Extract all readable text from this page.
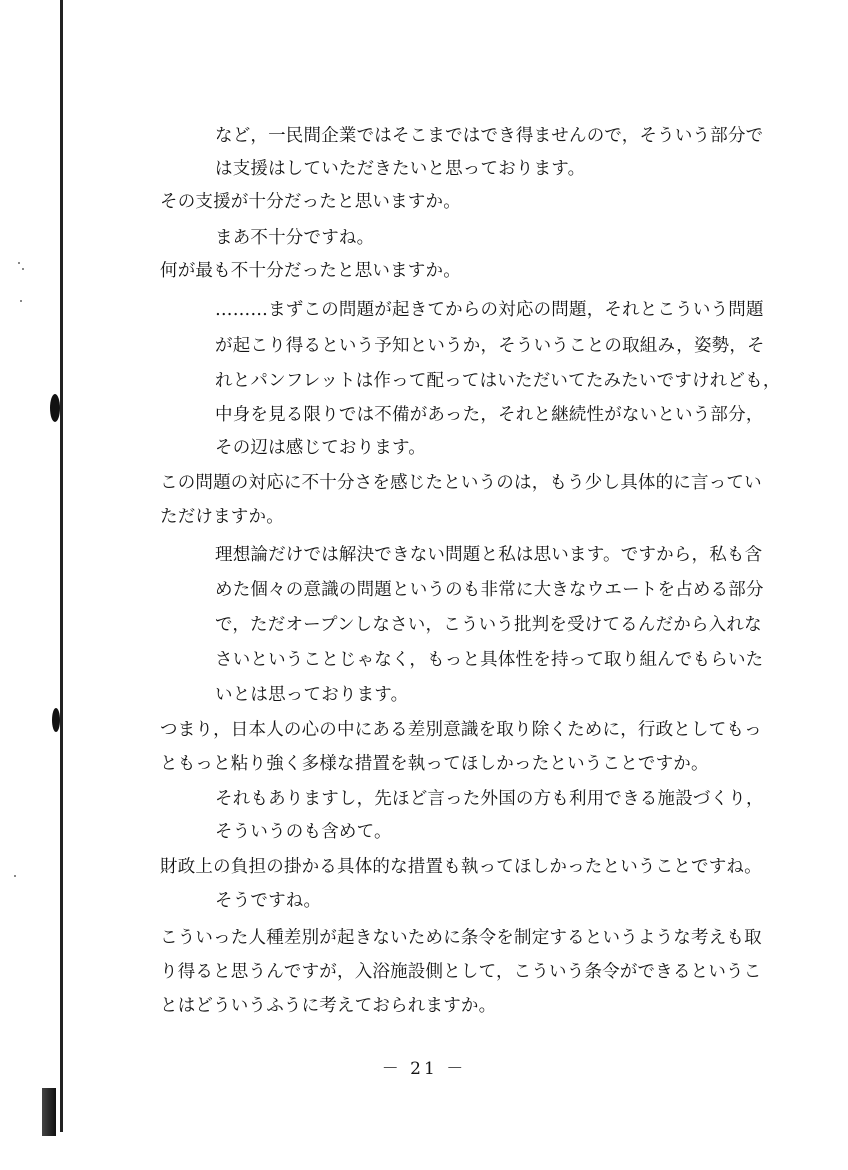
など，一民間企業ではそこまではでき得ませんので，そういう部分で
は支援はしていただきたいと思っております。
その支援が十分だったと思いますか。
まあ不十分ですね。
何が最も不十分だったと思いますか。
………まずこの問題が起きてからの対応の問題，それとこういう問題
が起こり得るという予知というか，そういうことの取組み，姿勢，そ
れとパンフレットは作って配ってはいただいてたみたいですけれども，
中身を見る限りでは不備があった，それと継続性がないという部分，
その辺は感じております。
この問題の対応に不十分さを感じたというのは，もう少し具体的に言ってい
ただけますか。
理想論だけでは解決できない問題と私は思います。ですから，私も含
めた個々の意識の問題というのも非常に大きなウエートを占める部分
で，ただオープンしなさい，こういう批判を受けてるんだから入れな
さいということじゃなく，もっと具体性を持って取り組んでもらいた
いとは思っております。
つまり，日本人の心の中にある差別意識を取り除くために，行政としてもっ
ともっと粘り強く多様な措置を執ってほしかったということですか。
それもありますし，先ほど言った外国の方も利用できる施設づくり，
そういうのも含めて。
財政上の負担の掛かる具体的な措置も執ってほしかったということですね。
そうですね。
こういった人種差別が起きないために条令を制定するというような考えも取
り得ると思うんですが，入浴施設側として，こういう条令ができるというこ
とはどういうふうに考えておられますか。
－ 21 －
